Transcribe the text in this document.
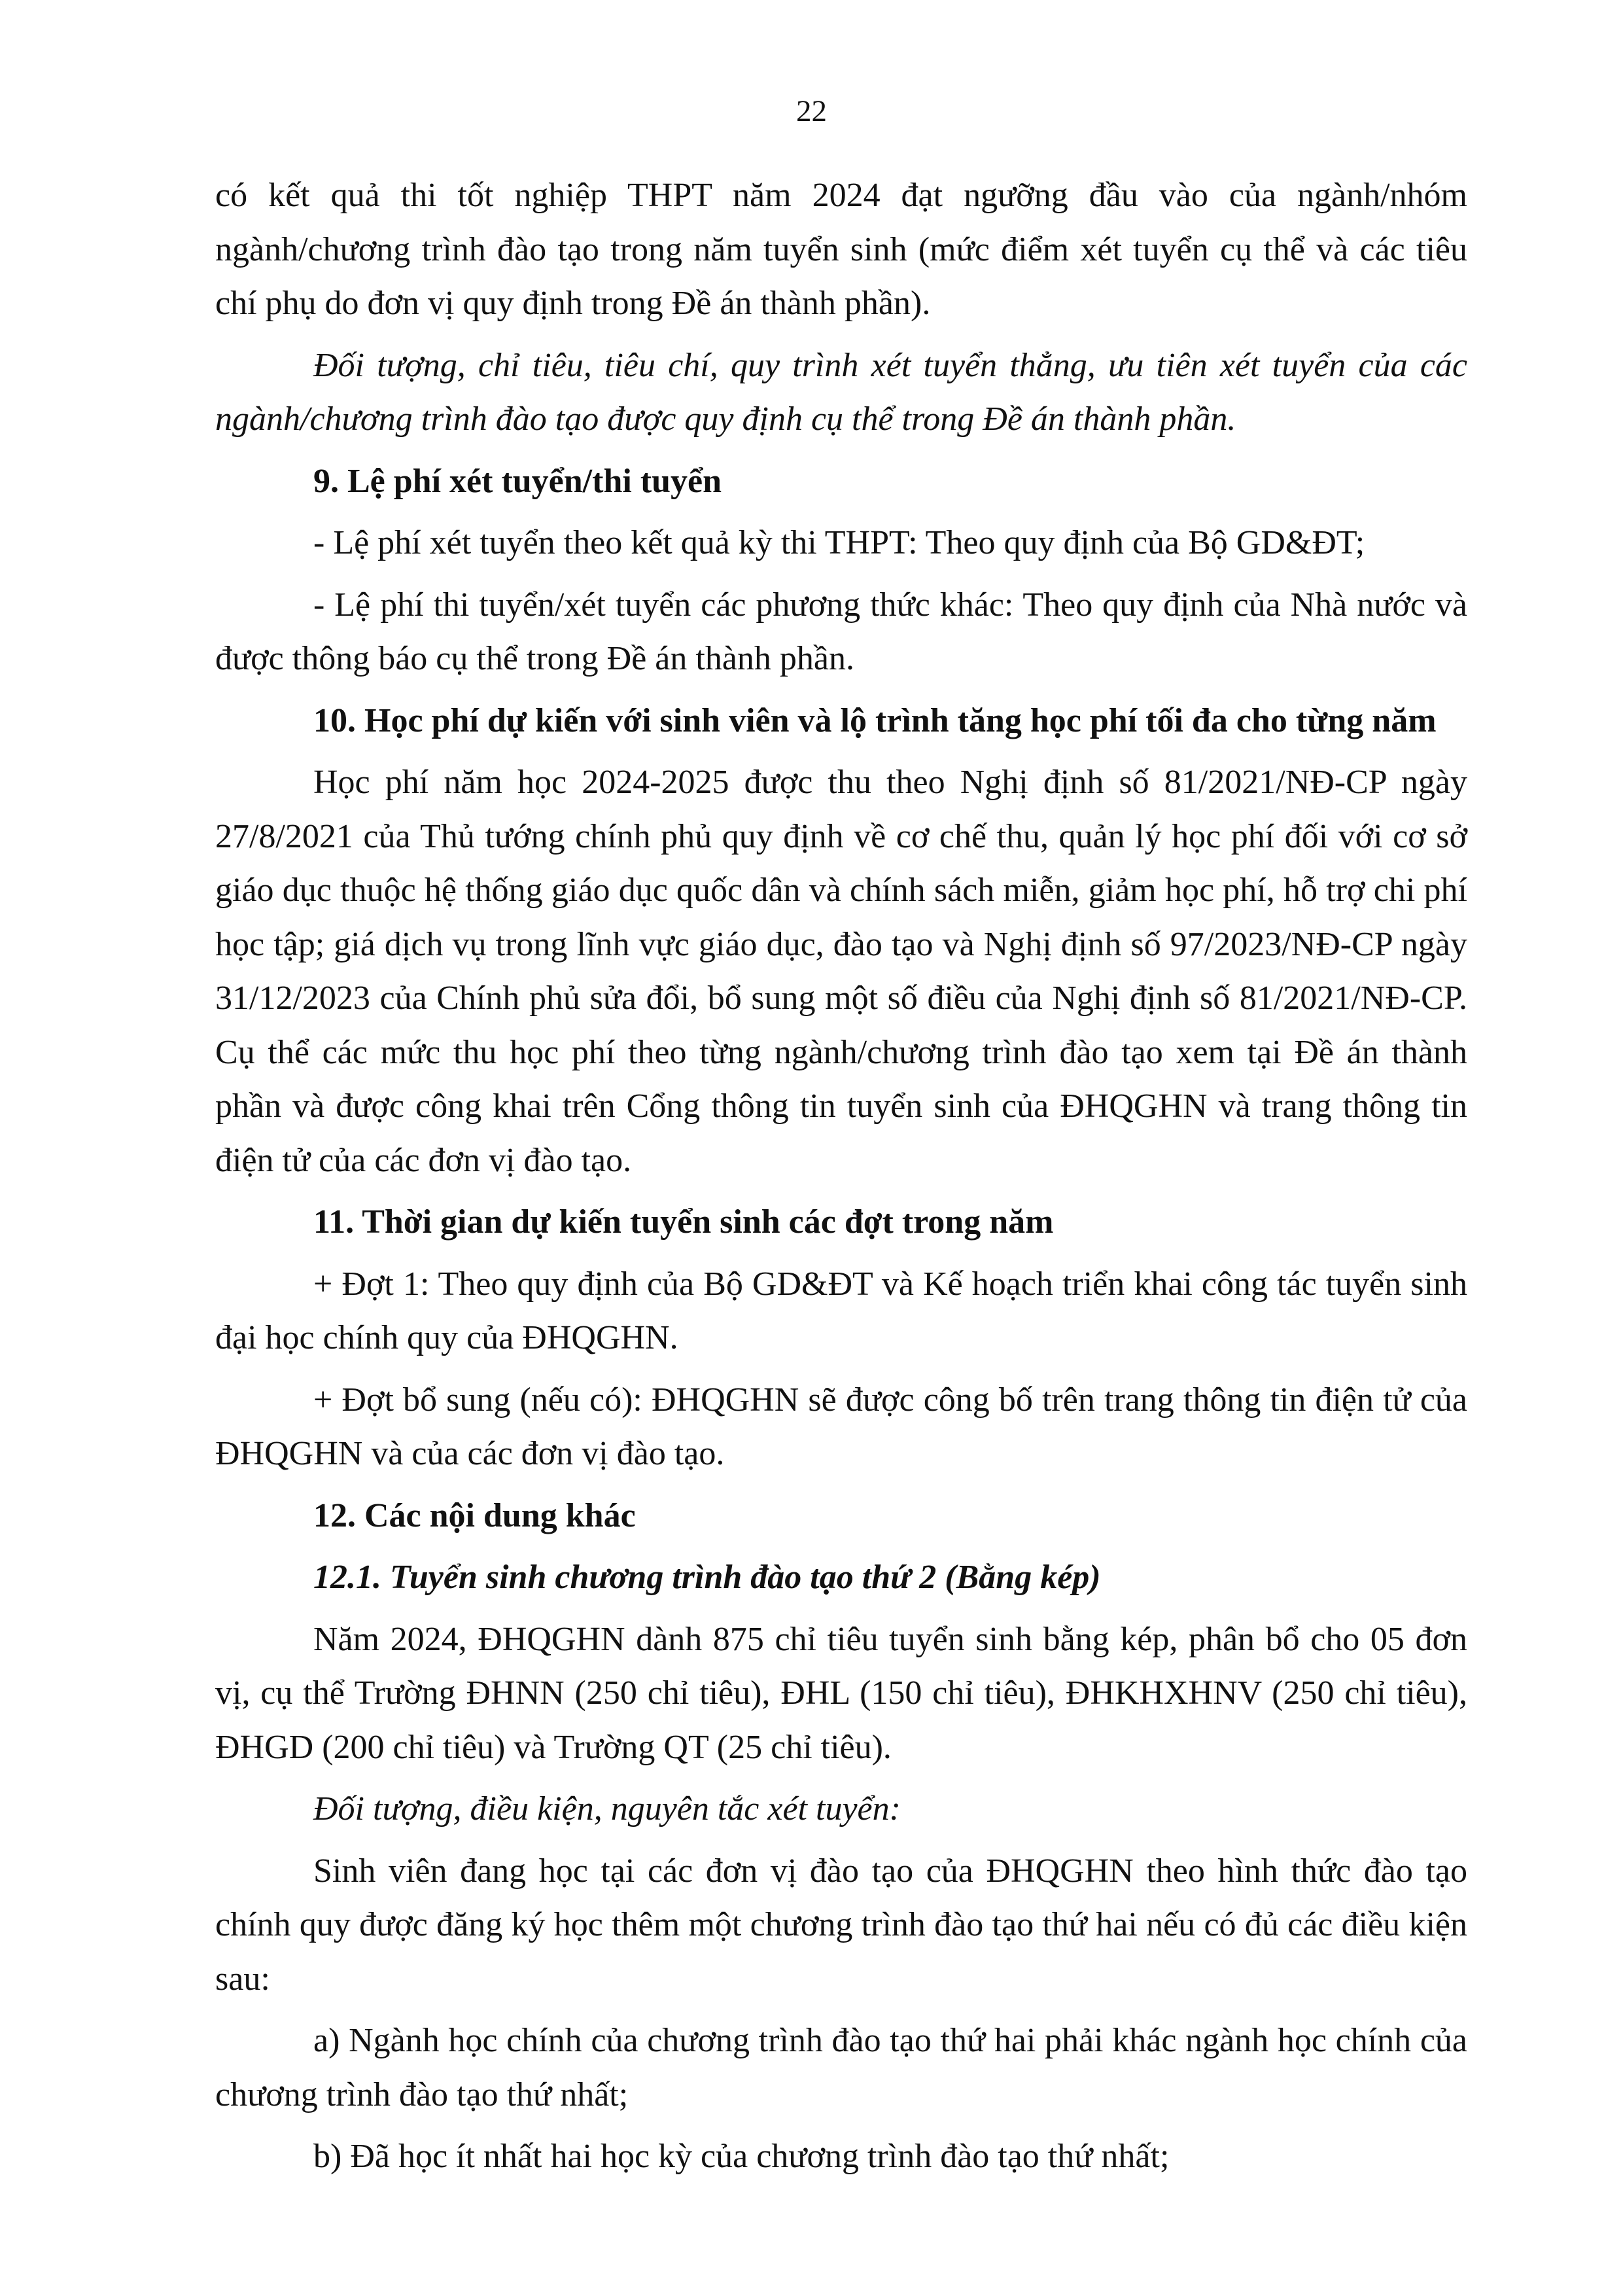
22

có kết quả thi tốt nghiệp THPT năm 2024 đạt ngưỡng đầu vào của ngành/nhóm ngành/chương trình đào tạo trong năm tuyển sinh (mức điểm xét tuyển cụ thể và các tiêu chí phụ do đơn vị quy định trong Đề án thành phần).

Đối tượng, chỉ tiêu, tiêu chí, quy trình xét tuyển thẳng, ưu tiên xét tuyển của các ngành/chương trình đào tạo được quy định cụ thể trong Đề án thành phần.

9. Lệ phí xét tuyển/thi tuyển

- Lệ phí xét tuyển theo kết quả kỳ thi THPT: Theo quy định của Bộ GD&ĐT;

- Lệ phí thi tuyển/xét tuyển các phương thức khác: Theo quy định của Nhà nước và được thông báo cụ thể trong Đề án thành phần.

10. Học phí dự kiến với sinh viên và lộ trình tăng học phí tối đa cho từng năm

Học phí năm học 2024-2025 được thu theo Nghị định số 81/2021/NĐ-CP ngày 27/8/2021 của Thủ tướng chính phủ quy định về cơ chế thu, quản lý học phí đối với cơ sở giáo dục thuộc hệ thống giáo dục quốc dân và chính sách miễn, giảm học phí, hỗ trợ chi phí học tập; giá dịch vụ trong lĩnh vực giáo dục, đào tạo và Nghị định số 97/2023/NĐ-CP ngày 31/12/2023 của Chính phủ sửa đổi, bổ sung một số điều của Nghị định số 81/2021/NĐ-CP. Cụ thể các mức thu học phí theo từng ngành/chương trình đào tạo xem tại Đề án thành phần và được công khai trên Cổng thông tin tuyển sinh của ĐHQGHN và trang thông tin điện tử của các đơn vị đào tạo.

11. Thời gian dự kiến tuyển sinh các đợt trong năm

+ Đợt 1: Theo quy định của Bộ GD&ĐT và Kế hoạch triển khai công tác tuyển sinh đại học chính quy của ĐHQGHN.

+ Đợt bổ sung (nếu có): ĐHQGHN sẽ được công bố trên trang thông tin điện tử của ĐHQGHN và của các đơn vị đào tạo.

12. Các nội dung khác

12.1. Tuyển sinh chương trình đào tạo thứ 2 (Bằng kép)

Năm 2024, ĐHQGHN dành 875 chỉ tiêu tuyển sinh bằng kép, phân bổ cho 05 đơn vị, cụ thể Trường ĐHNN (250 chỉ tiêu), ĐHL (150 chỉ tiêu), ĐHKHXHNV (250 chỉ tiêu), ĐHGD (200 chỉ tiêu) và Trường QT (25 chỉ tiêu).

Đối tượng, điều kiện, nguyên tắc xét tuyển:

Sinh viên đang học tại các đơn vị đào tạo của ĐHQGHN theo hình thức đào tạo chính quy được đăng ký học thêm một chương trình đào tạo thứ hai nếu có đủ các điều kiện sau:

a) Ngành học chính của chương trình đào tạo thứ hai phải khác ngành học chính của chương trình đào tạo thứ nhất;

b) Đã học ít nhất hai học kỳ của chương trình đào tạo thứ nhất;
